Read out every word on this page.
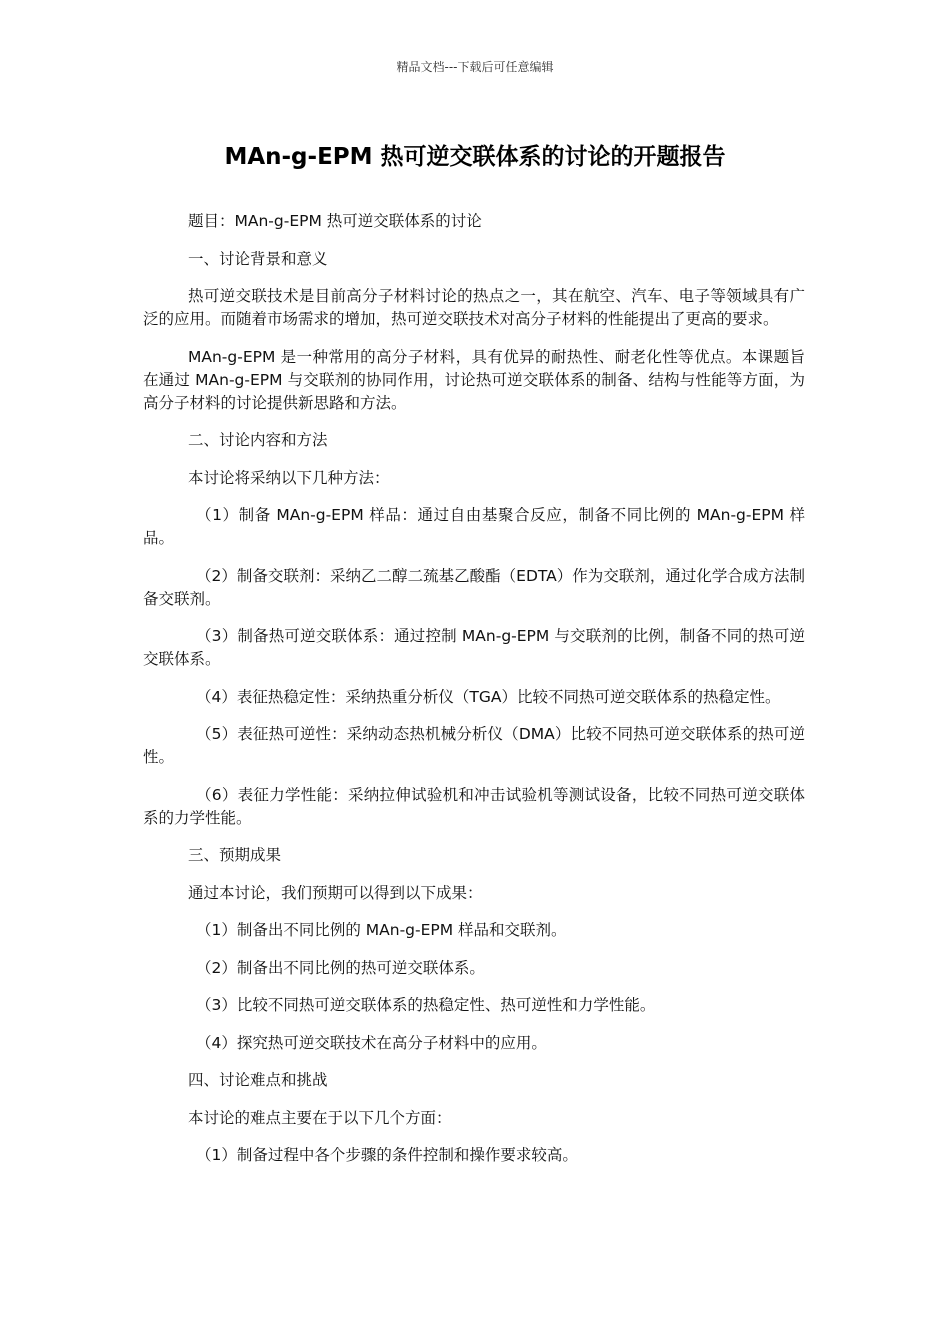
精品文档---下载后可任意编辑
MAn-g-EPM 热可逆交联体系的讨论的开题报告

题目：MAn-g-EPM 热可逆交联体系的讨论

一、讨论背景和意义

热可逆交联技术是目前高分子材料讨论的热点之一，其在航空、汽车、电子等领域具有广泛的应用。而随着市场需求的增加，热可逆交联技术对高分子材料的性能提出了更高的要求。

MAn-g-EPM 是一种常用的高分子材料，具有优异的耐热性、耐老化性等优点。本课题旨在通过 MAn-g-EPM 与交联剂的协同作用，讨论热可逆交联体系的制备、结构与性能等方面，为高分子材料的讨论提供新思路和方法。

二、讨论内容和方法

本讨论将采纳以下几种方法：

（1）制备 MAn-g-EPM 样品：通过自由基聚合反应，制备不同比例的 MAn-g-EPM 样品。

（2）制备交联剂：采纳乙二醇二巯基乙酸酯（EDTA）作为交联剂，通过化学合成方法制备交联剂。

（3）制备热可逆交联体系：通过控制 MAn-g-EPM 与交联剂的比例，制备不同的热可逆交联体系。

（4）表征热稳定性：采纳热重分析仪（TGA）比较不同热可逆交联体系的热稳定性。

（5）表征热可逆性：采纳动态热机械分析仪（DMA）比较不同热可逆交联体系的热可逆性。

（6）表征力学性能：采纳拉伸试验机和冲击试验机等测试设备，比较不同热可逆交联体系的力学性能。

三、预期成果

通过本讨论，我们预期可以得到以下成果：

（1）制备出不同比例的 MAn-g-EPM 样品和交联剂。

（2）制备出不同比例的热可逆交联体系。

（3）比较不同热可逆交联体系的热稳定性、热可逆性和力学性能。

（4）探究热可逆交联技术在高分子材料中的应用。

四、讨论难点和挑战

本讨论的难点主要在于以下几个方面：

（1）制备过程中各个步骤的条件控制和操作要求较高。
